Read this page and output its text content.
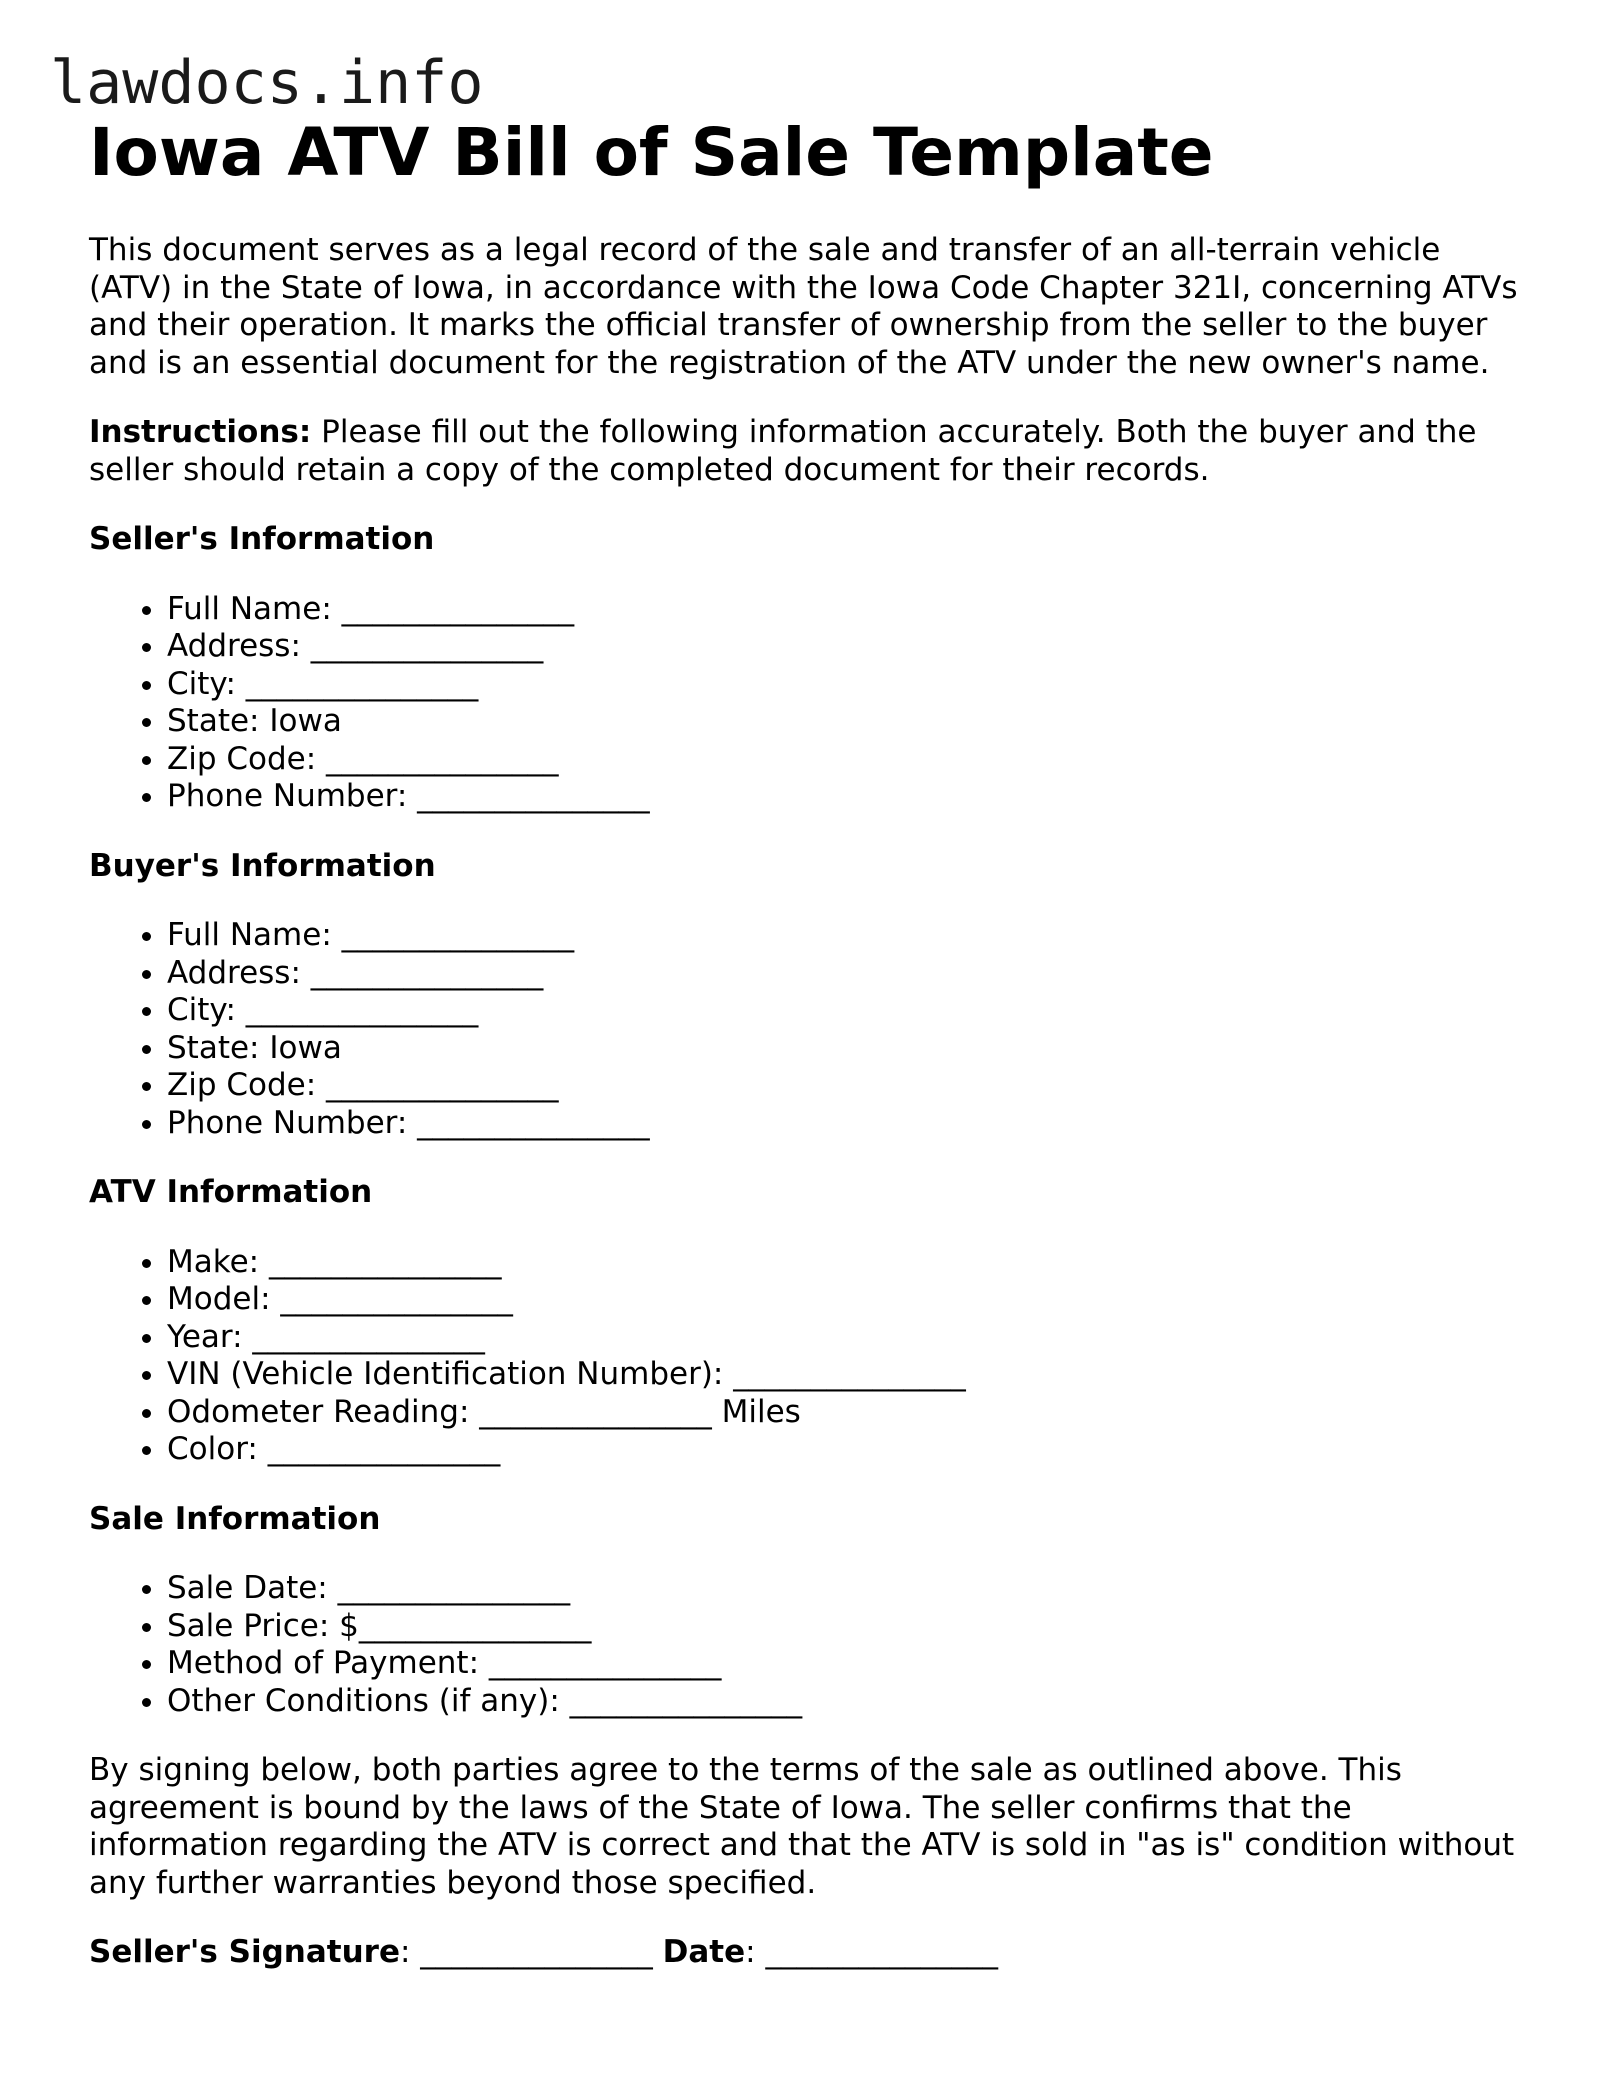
lawdocs.info
Iowa ATV Bill of Sale Template

This document serves as a legal record of the sale and transfer of an all-terrain vehicle (ATV) in the State of Iowa, in accordance with the Iowa Code Chapter 321I, concerning ATVs and their operation. It marks the official transfer of ownership from the seller to the buyer and is an essential document for the registration of the ATV under the new owner's name.

Instructions: Please fill out the following information accurately. Both the buyer and the seller should retain a copy of the completed document for their records.

Seller's Information
• Full Name: _______________
• Address: _______________
• City: _______________
• State: Iowa
• Zip Code: _______________
• Phone Number: _______________
Buyer's Information
• Full Name: _______________
• Address: _______________
• City: _______________
• State: Iowa
• Zip Code: _______________
• Phone Number: _______________
ATV Information
• Make: _______________
• Model: _______________
• Year: _______________
• VIN (Vehicle Identification Number): _______________
• Odometer Reading: _______________ Miles
• Color: _______________
Sale Information
• Sale Date: _______________
• Sale Price: $_______________
• Method of Payment: _______________
• Other Conditions (if any): _______________

By signing below, both parties agree to the terms of the sale as outlined above. This agreement is bound by the laws of the State of Iowa. The seller confirms that the information regarding the ATV is correct and that the ATV is sold in "as is" condition without any further warranties beyond those specified.

Seller's Signature: _______________ Date: _______________
